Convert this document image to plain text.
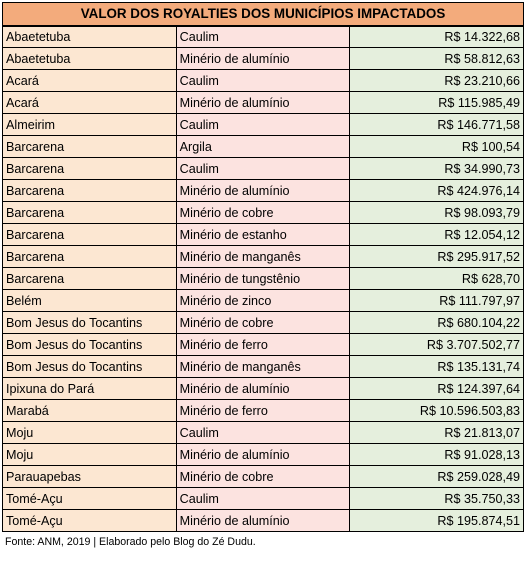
VALOR DOS ROYALTIES DOS MUNICÍPIOS IMPACTADOS		
Abaetetuba	Caulim	R$ 14.322,68
Abaetetuba	Minério de alumínio	R$ 58.812,63
Acará	Caulim	R$ 23.210,66
Acará	Minério de alumínio	R$ 115.985,49
Almeirim	Caulim	R$ 146.771,58
Barcarena	Argila	R$ 100,54
Barcarena	Caulim	R$ 34.990,73
Barcarena	Minério de alumínio	R$ 424.976,14
Barcarena	Minério de cobre	R$ 98.093,79
Barcarena	Minério de estanho	R$ 12.054,12
Barcarena	Minério de manganês	R$ 295.917,52
Barcarena	Minério de tungstênio	R$ 628,70
Belém	Minério de zinco	R$ 111.797,97
Bom Jesus do Tocantins	Minério de cobre	R$ 680.104,22
Bom Jesus do Tocantins	Minério de ferro	R$ 3.707.502,77
Bom Jesus do Tocantins	Minério de manganês	R$ 135.131,74
Ipixuna do Pará	Minério de alumínio	R$ 124.397,64
Marabá	Minério de ferro	R$ 10.596.503,83
Moju	Caulim	R$ 21.813,07
Moju	Minério de alumínio	R$ 91.028,13
Parauapebas	Minério de cobre	R$ 259.028,49
Tomé-Açu	Caulim	R$ 35.750,33
Tomé-Açu	Minério de alumínio	R$ 195.874,51
Fonte: ANM, 2019 | Elaborado pelo Blog do Zé Dudu.
